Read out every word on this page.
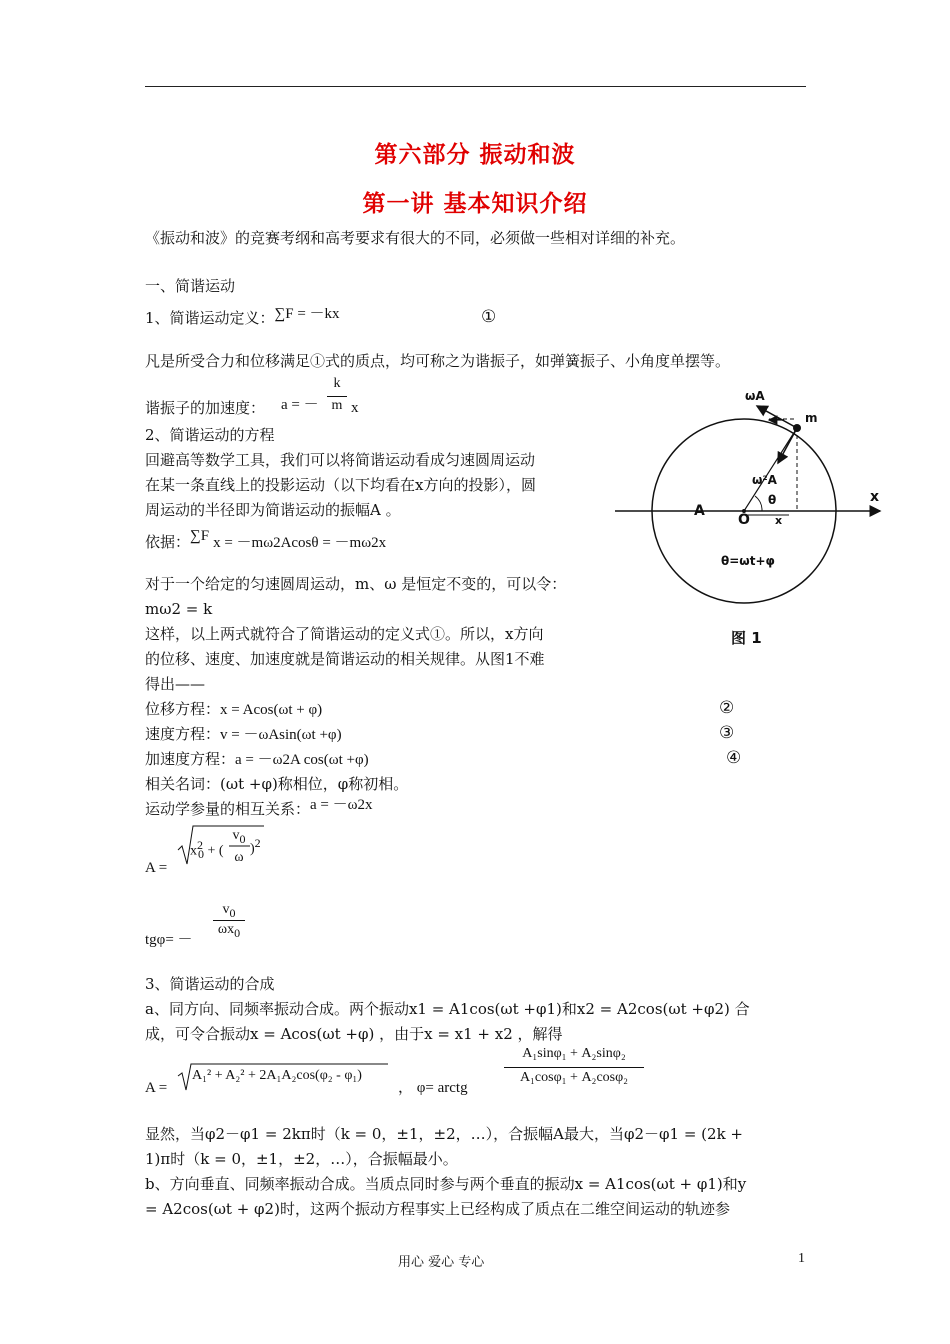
第六部分 振动和波
第一讲 基本知识介绍
《振动和波》的竞赛考纲和高考要求有很大的不同，必须做一些相对详细的补充。
一、简谐运动
1、简谐运动定义：∑F = －kx	①
凡是所受合力和位移满足①式的质点，均可称之为谐振子，如弹簧振子、小角度单摆等。
谐振子的加速度： a = －
k
m x
2、简谐运动的方程
回避高等数学工具，我们可以将简谐运动看成匀速圆周运动
在某一条直线上的投影运动（以下均看在x方向的投影），圆
周运动的半径即为简谐运动的振幅A 。
依据：∑F x = －mω2Acosθ = －mω2x
对于一个给定的匀速圆周运动，m、ω 是恒定不变的，可以令：
mω2 = k
这样，以上两式就符合了简谐运动的定义式①。所以，x方向
的位移、速度、加速度就是简谐运动的相关规律。从图1不难
得出——
位移方程：x = Acos(ωt + φ)	②
速度方程：v = －ωAsin(ωt +φ)	③
加速度方程：a = －ω2A cos(ωt +φ)	④
相关名词：(ωt +φ)称相位，φ称初相。
运动学参量的相互关系：a = －ω2x
A =
$x^2_0$ + (
$v_0$
ω
)$^2$
tgφ= －
$v_0$
$\omega x_0$
ωA
m
ω²A
θ
A
O x
x
θ=ωt+φ
图 1
3、简谐运动的合成
a、同方向、同频率振动合成。两个振动x1 = A1cos(ωt +φ1)和x2 = A2cos(ωt +φ2) 合
成，可令合振动x = Acos(ωt +φ) ，由于x = x1 + x2 ，解得
A =
A₁² + A₂² + 2A₁A₂cos(φ₂ - φ₁)
， φ= arctg
A₁sinφ₁ + A₂sinφ₂
A₁cosφ₁ + A₂cosφ₂
显然，当φ2－φ1 = 2kπ时（k = 0，±1，±2，…），合振幅A最大，当φ2－φ1 = (2k +
1)π时（k = 0，±1，±2，…），合振幅最小。
b、方向垂直、同频率振动合成。当质点同时参与两个垂直的振动x = A1cos(ωt + φ1)和y
= A2cos(ωt + φ2)时，这两个振动方程事实上已经构成了质点在二维空间运动的轨迹参
用心 爱心 专心	1
